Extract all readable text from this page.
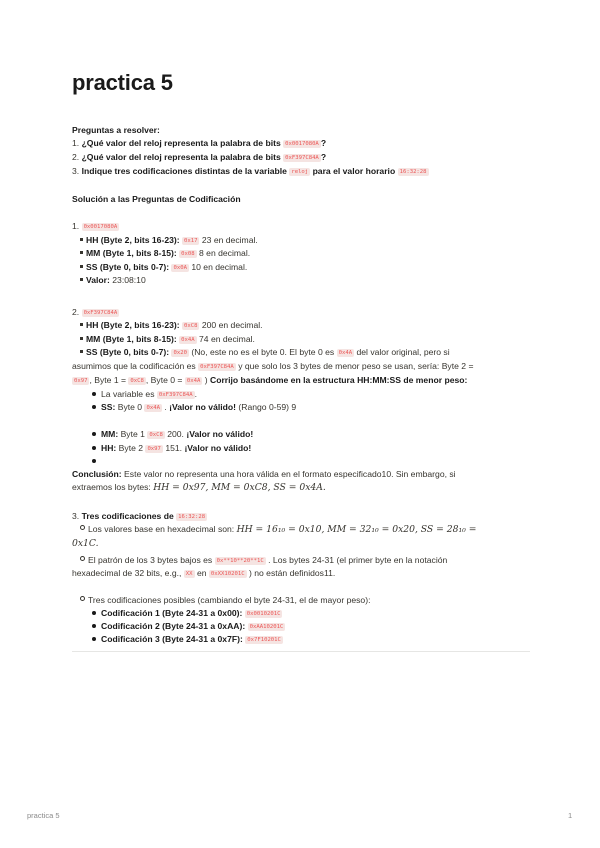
practica 5
Preguntas a resolver:
1. ¿Qué valor del reloj representa la palabra de bits 0x0017080A ?
2. ¿Qué valor del reloj representa la palabra de bits 0xF397C84A ?
3. Indique tres codificaciones distintas de la variable reloj para el valor horario 16:32:28
Solución a las Preguntas de Codificación
1. 0x0017080A
HH (Byte 2, bits 16-23): 0x17 23 en decimal.
MM (Byte 1, bits 8-15): 0x08 8 en decimal.
SS (Byte 0, bits 0-7): 0x0A 10 en decimal.
Valor: 23:08:10
2. 0xF397C84A
HH (Byte 2, bits 16-23): 0xC8 200 en decimal.
MM (Byte 1, bits 8-15): 0x4A 74 en decimal.
SS (Byte 0, bits 0-7): 0x20 (No, este no es el byte 0. El byte 0 es 0x4A del valor original, pero si
asumimos que la codificación es 0xF397C84A y que solo los 3 bytes de menor peso se usan, sería: Byte 2 =
0x97 , Byte 1 = 0xC8 , Byte 0 = 0x4A ) Corrijo basándome en la estructura HH:MM:SS de menor peso:
La variable es 0xF397C84A .
SS: Byte 0 0x4A . ¡Valor no válido! (Rango 0-59) 9
MM: Byte 1 0xC8 200. ¡Valor no válido!
HH: Byte 2 0x97 151. ¡Valor no válido!
Conclusión: Este valor no representa una hora válida en el formato especificado10. Sin embargo, si
extraemos los bytes: HH = 0x97, MM = 0xC8, SS = 0x4A.
3. Tres codificaciones de 16:32:28
Los valores base en hexadecimal son: HH = 16₁₀ = 0x10, MM = 32₁₀ = 0x20, SS = 28₁₀ =
0x1C.
El patrón de los 3 bytes bajos es 0x**10**20**1C . Los bytes 24-31 (el primer byte en la notación
hexadecimal de 32 bits, e.g., XX en 0xXX10201C ) no están definidos11.
Tres codificaciones posibles (cambiando el byte 24-31, el de mayor peso):
Codificación 1 (Byte 24-31 a 0x00): 0x0010201C
Codificación 2 (Byte 24-31 a 0xAA): 0xAA10201C
Codificación 3 (Byte 24-31 a 0x7F): 0x7F10201C
practica 5	1
